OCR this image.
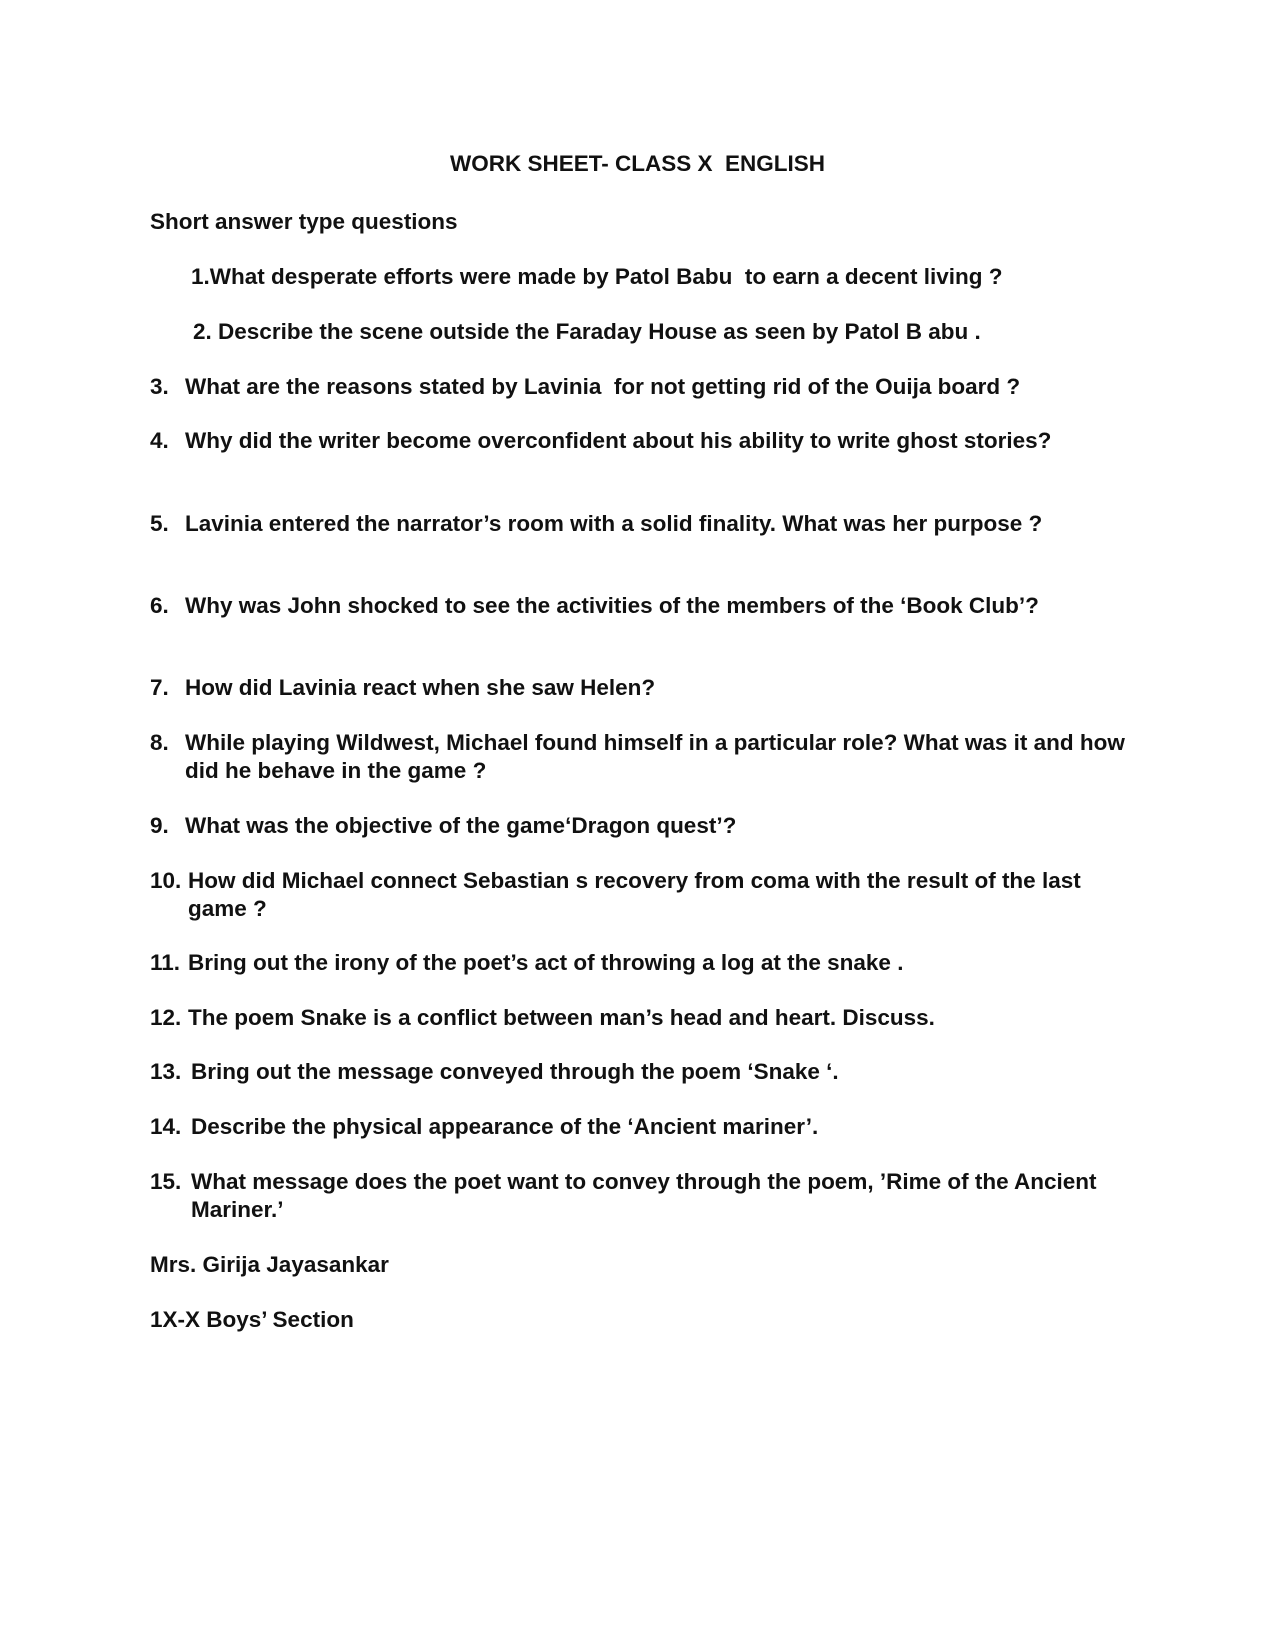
WORK SHEET- CLASS X  ENGLISH
Short answer type questions
1. What desperate efforts were made by Patol Babu  to earn a decent living ?
2. Describe the scene outside the Faraday House as seen by Patol B abu .
3. What are the reasons stated by Lavinia  for not getting rid of the Ouija board ?
4. Why did the writer become overconfident about his ability to write ghost stories?
5. Lavinia entered the narrator’s room with a solid finality. What was her purpose ?
6. Why was John shocked to see the activities of the members of the ‘Book Club’?
7. How did Lavinia react when she saw Helen?
8. While playing Wildwest, Michael found himself in a particular role? What was it and how did he behave in the game ?
9. What was the objective of the game‘Dragon quest’?
10. How did Michael connect Sebastian s recovery from coma with the result of the last game ?
11. Bring out the irony of the poet’s act of throwing a log at the snake .
12. The poem Snake is a conflict between man’s head and heart. Discuss.
13. Bring out the message conveyed through the poem ‘Snake ‘.
14. Describe the physical appearance of the ‘Ancient mariner’.
15. What message does the poet want to convey through the poem, ’Rime of the Ancient Mariner.’
Mrs. Girija Jayasankar
1X-X Boys’ Section
